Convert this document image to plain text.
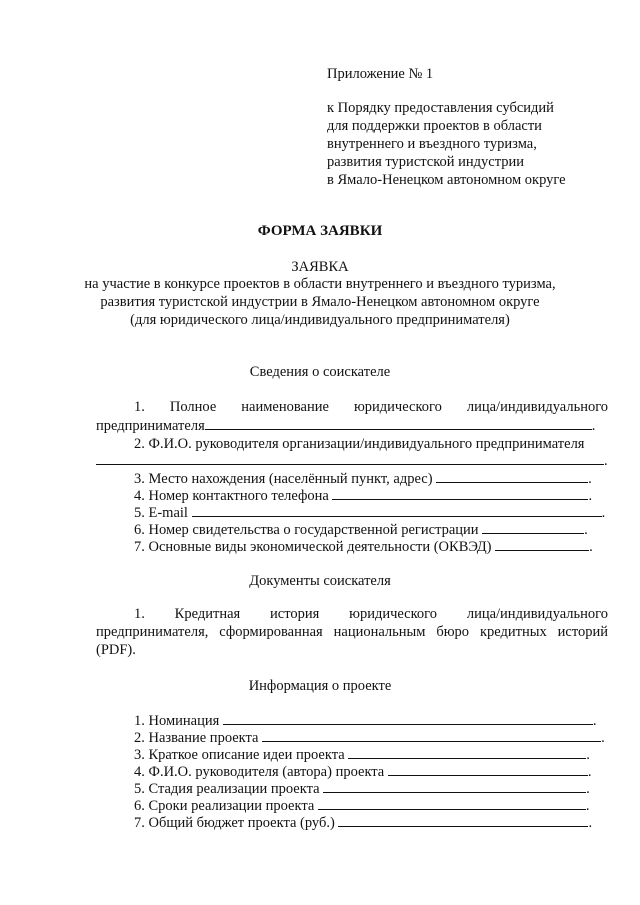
Приложение № 1
к Порядку предоставления субсидий
для поддержки проектов в области
внутреннего и въездного туризма,
развития туристской индустрии
в Ямало-Ненецком автономном округе
ФОРМА ЗАЯВКИ
ЗАЯВКА
на участие в конкурсе проектов в области внутреннего и въездного туризма,
развития туристской индустрии в Ямало-Ненецком автономном округе
(для юридического лица/индивидуального предпринимателя)
Сведения о соискателе
1. Полное наименование юридического лица/индивидуального
предпринимателя	.
2. Ф.И.О. руководителя организации/индивидуального предпринимателя
.
3. Место нахождения (населённый пункт, адрес)	.
4. Номер контактного телефона	.
5. E-mail	.
6. Номер свидетельства о государственной регистрации	.
7. Основные виды экономической деятельности (ОКВЭД)	.
Документы соискателя
1. Кредитная история юридического лица/индивидуального
предпринимателя, сформированная национальным бюро кредитных историй
(PDF).
Информация о проекте
1. Номинация	.
2. Название проекта	.
3. Краткое описание идеи проекта	.
4. Ф.И.О. руководителя (автора) проекта	.
5. Стадия реализации проекта	.
6. Сроки реализации проекта	.
7. Общий бюджет проекта (руб.)	.
